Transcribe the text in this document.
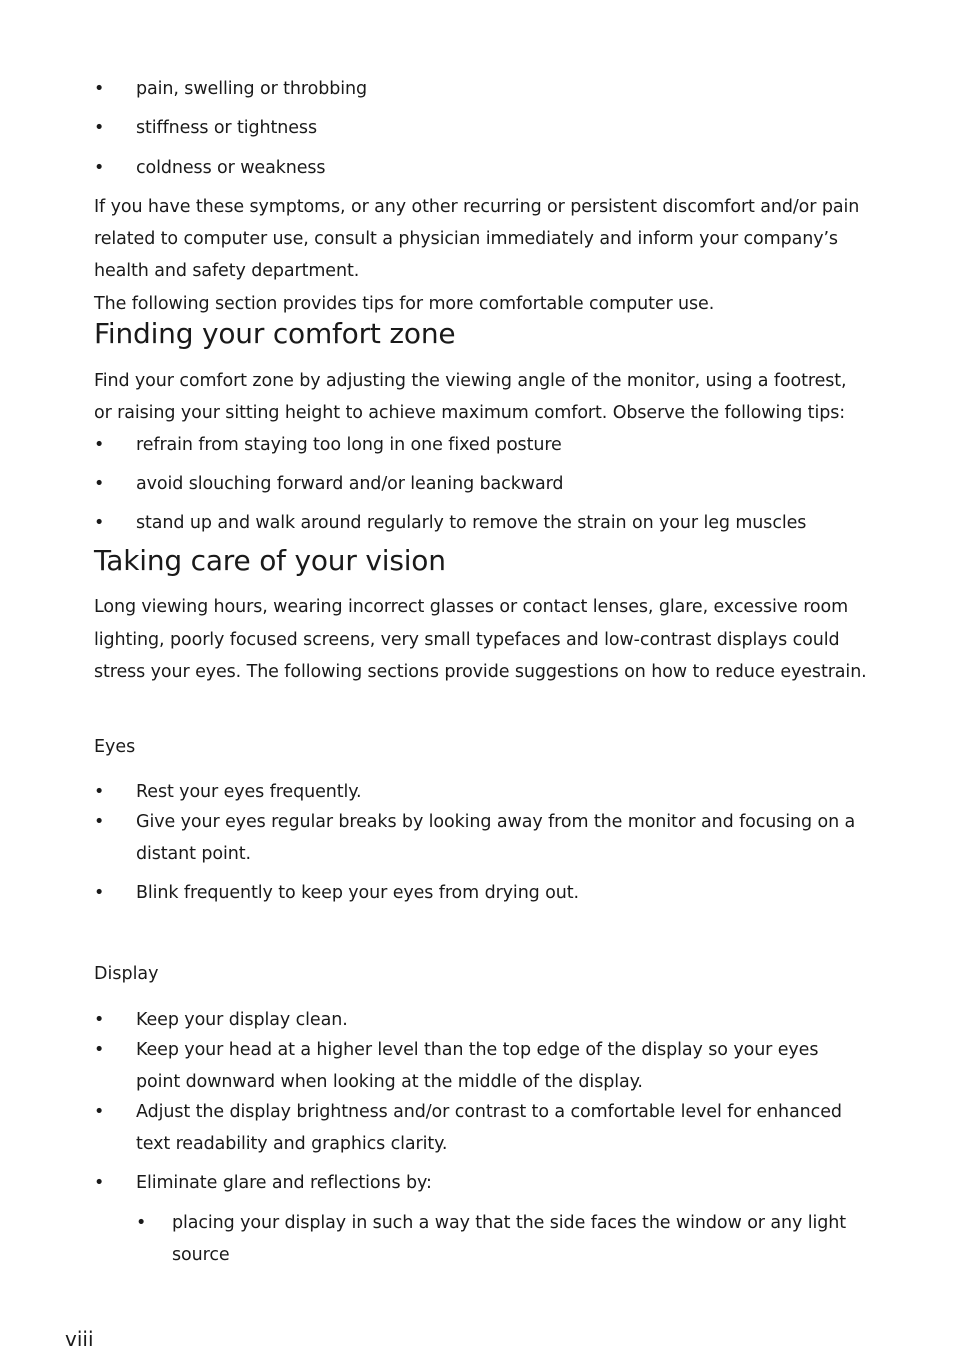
• pain, swelling or throbbing
• stiffness or tightness
• coldness or weakness
If you have these symptoms, or any other recurring or persistent discomfort and/or pain
related to computer use, consult a physician immediately and inform your company’s
health and safety department.
The following section provides tips for more comfortable computer use.
Finding your comfort zone
Find your comfort zone by adjusting the viewing angle of the monitor, using a footrest,
or raising your sitting height to achieve maximum comfort. Observe the following tips:
• refrain from staying too long in one fixed posture
• avoid slouching forward and/or leaning backward
• stand up and walk around regularly to remove the strain on your leg muscles
Taking care of your vision
Long viewing hours, wearing incorrect glasses or contact lenses, glare, excessive room
lighting, poorly focused screens, very small typefaces and low-contrast displays could
stress your eyes. The following sections provide suggestions on how to reduce eyestrain.
Eyes
• Rest your eyes frequently.
• Give your eyes regular breaks by looking away from the monitor and focusing on a
distant point.
• Blink frequently to keep your eyes from drying out.
Display
• Keep your display clean.
• Keep your head at a higher level than the top edge of the display so your eyes
point downward when looking at the middle of the display.
• Adjust the display brightness and/or contrast to a comfortable level for enhanced
text readability and graphics clarity.
• Eliminate glare and reflections by:
• placing your display in such a way that the side faces the window or any light
source
viii
